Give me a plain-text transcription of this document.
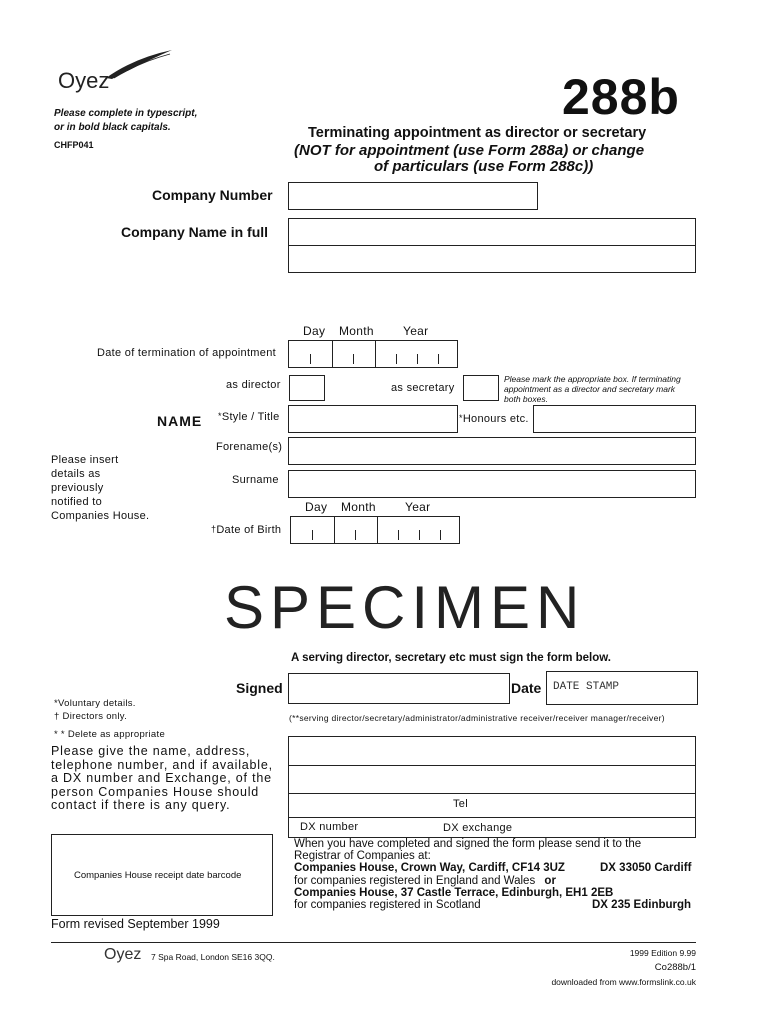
Oyez
Please complete in typescript,
or in bold black capitals.
CHFP041
288b
Terminating appointment as director or secretary
(NOT for appointment (use Form 288a) or change
of particulars (use Form 288c))
Company Number
Company Name in full
Day Month Year
Date of termination of appointment
as director	as secretary
Please mark the appropriate box. If terminating
appointment as a director and secretary mark
both boxes.
NAME *Style / Title	*Honours etc.
Forename(s)
Surname
Please insert
details as
previously
notified to
Companies House.
Day Month Year
†Date of Birth
SPECIMEN
A serving director, secretary etc must sign the form below.
Signed	Date DATE STAMP
*Voluntary details.
† Directors only.	(**serving director/secretary/administrator/administrative receiver/receiver manager/receiver)
* * Delete as appropriate
Please give the name, address,
telephone number, and if available,
a DX number and Exchange, of the
person Companies House should
contact if there is any query.	Tel
DX number	DX exchange
Companies House receipt date barcode
When you have completed and signed the form please send it to the
Registrar of Companies at:
Companies House, Crown Way, Cardiff, CF14 3UZ	DX 33050 Cardiff
for companies registered in England and Wales or
Companies House, 37 Castle Terrace, Edinburgh, EH1 2EB
for companies registered in Scotland	DX 235 Edinburgh
Form revised September 1999
Oyez 7 Spa Road, London SE16 3QQ.	1999 Edition 9.99
Co288b/1
downloaded from www.formslink.co.uk
